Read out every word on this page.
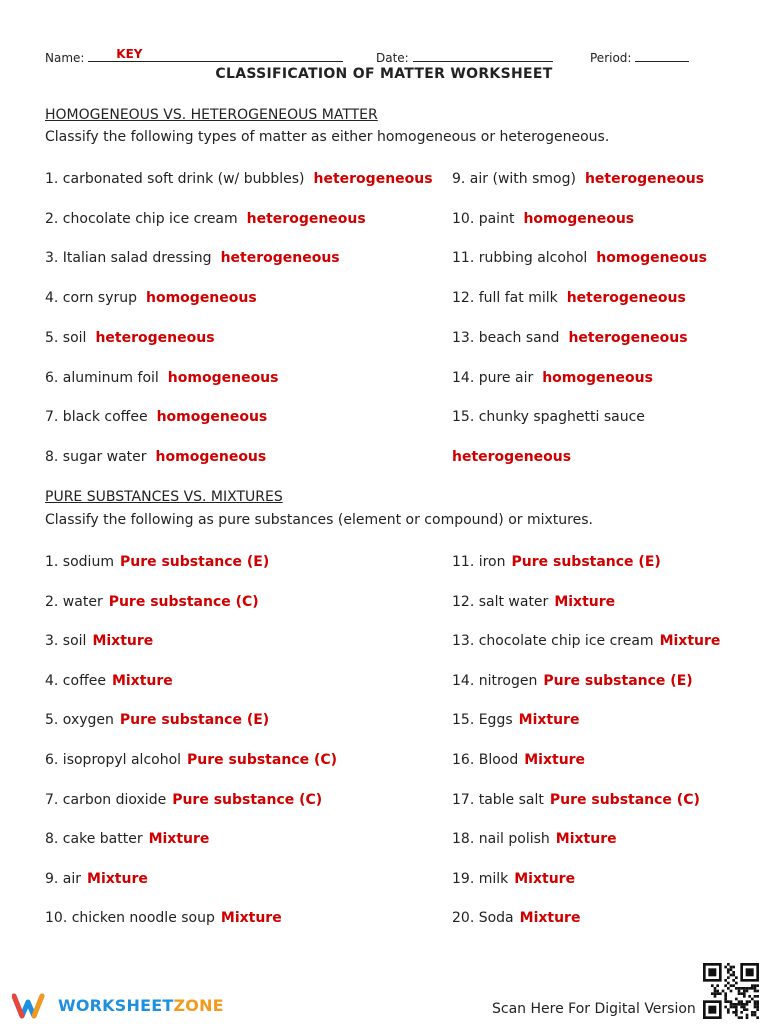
Name:	KEY	Date:	Period:
CLASSIFICATION OF MATTER WORKSHEET
HOMOGENEOUS VS. HETEROGENEOUS MATTER
Classify the following types of matter as either homogeneous or heterogeneous.
1. carbonated soft drink (w/ bubbles) heterogeneous
2. chocolate chip ice cream heterogeneous
3. Italian salad dressing heterogeneous
4. corn syrup homogeneous
5. soil heterogeneous
6. aluminum foil homogeneous
7. black coffee homogeneous
8. sugar water homogeneous
9. air (with smog) heterogeneous
10. paint homogeneous
11. rubbing alcohol homogeneous
12. full fat milk heterogeneous
13. beach sand heterogeneous
14. pure air homogeneous
15. chunky spaghetti sauce
heterogeneous
PURE SUBSTANCES VS. MIXTURES
Classify the following as pure substances (element or compound) or mixtures.
1. sodium Pure substance (E)
2. water Pure substance (C)
3. soil Mixture
4. coffee Mixture
5. oxygen Pure substance (E)
6. isopropyl alcohol Pure substance (C)
7. carbon dioxide Pure substance (C)
8. cake batter Mixture
9. air Mixture
10. chicken noodle soup Mixture
11. iron Pure substance (E)
12. salt water Mixture
13. chocolate chip ice cream Mixture
14. nitrogen Pure substance (E)
15. Eggs Mixture
16. Blood Mixture
17. table salt Pure substance (C)
18. nail polish Mixture
19. milk Mixture
20. Soda Mixture
WORKSHEETZONE	Scan Here For Digital Version
